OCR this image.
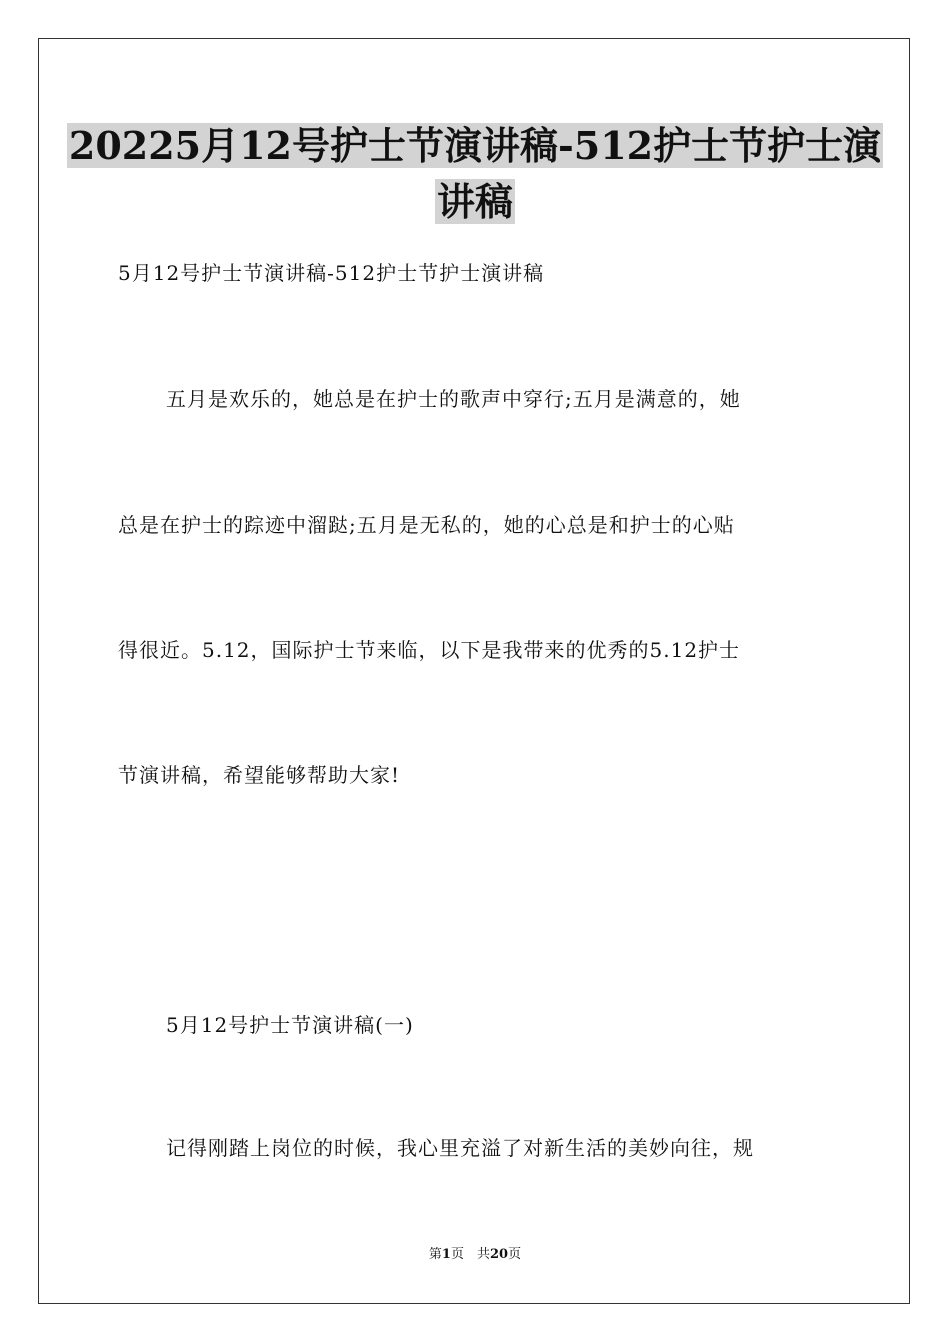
20225月12号护士节演讲稿-512护士节护士演
讲稿

5月12号护士节演讲稿-512护士节护士演讲稿

五月是欢乐的，她总是在护士的歌声中穿行;五月是满意的，她

总是在护士的踪迹中溜跶;五月是无私的，她的心总是和护士的心贴

得很近。5.12，国际护士节来临，以下是我带来的优秀的5.12护士

节演讲稿，希望能够帮助大家!

5月12号护士节演讲稿(一)

记得刚踏上岗位的时候，我心里充溢了对新生活的美妙向往，规

第1页　共20页
